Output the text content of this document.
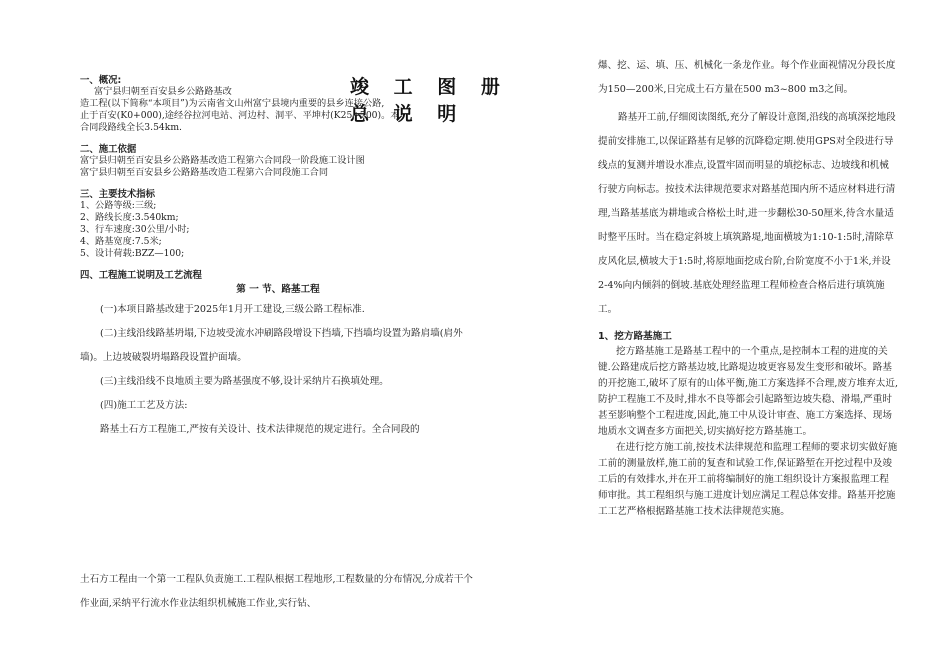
竣 工 图 册 总 说 明

一、概况:

富宁县归朝至百安县乡公路路基改

造工程(以下简称“本项目”)为云南省文山州富宁县境内重要的县乡连接公路,

止于百安(K0+000),途经谷拉河电站、河边村、洞平、平坤村(K25+700)。本

合同段路线全长3.54km.

二、施工依据

富宁县归朝至百安县乡公路路基改造工程第六合同段一阶段施工设计图

富宁县归朝至百安县乡公路路基改造工程第六合同段施工合同

三、主要技术指标

1、公路等级:三级;

2、路线长度:3.540km;

3、行车速度:30公里/小时;

4、路基宽度:7.5米;

5、设计荷载:BZZ—100;

四、工程施工说明及工艺流程

第 一 节、路基工程

(一)本项目路基改建于2025年1月开工建设,三级公路工程标准.

(二)主线沿线路基坍塌,下边坡受流水冲刷路段增设下挡墙,下挡墙均设置为路肩墙(肩外墙)。上边坡破裂坍塌路段设置护面墙。

(三)主线沿线不良地质主要为路基强度不够,设计采纳片石换填处理。

(四)施工工艺及方法:

路基土石方工程施工,严按有关设计、技术法律规范的规定进行。全合同段的

土石方工程由一个第一工程队负责施工.工程队根据工程地形,工程数量的分布情况,分成若干个作业面,采纳平行流水作业法组织机械施工作业,实行钻、

爆、挖、运、填、压、机械化一条龙作业。每个作业面视情况分段长度为150—200米,日完成土石方量在500 m3~800 m3之间。

路基开工前,仔细阅读图纸,充分了解设计意图,沿线的高填深挖地段提前安排施工,以保证路基有足够的沉降稳定期.使用GPS对全段进行导线点的复测并增设水准点,设置牢固而明显的填挖标志、边坡线和机械行驶方向标志。按技术法律规范要求对路基范围内所不适应材料进行清理,当路基基底为耕地或合格松土时,进一步翻松30-50厘米,待含水量适时整平压时。当在稳定斜坡上填筑路堤,地面横坡为1:10-1:5时,清除草皮风化层,横坡大于1:5时,将原地面挖成台阶,台阶宽度不小于1米,并设2-4%向内倾斜的倒坡.基底处理经监理工程师检查合格后进行填筑施工。

1、挖方路基施工

挖方路基施工是路基工程中的一个重点,是控制本工程的进度的关键.公路建成后挖方路基边坡,比路堤边坡更容易发生变形和破坏。路基的开挖施工,破坏了原有的山体平衡,施工方案选择不合理,废方堆弃太近,防护工程施工不及时,排水不良等都会引起路堑边坡失稳、滑塌,严重时甚至影响整个工程进度,因此,施工中从设计审查、施工方案选择、现场地质水文调查多方面把关,切实搞好挖方路基施工。

在进行挖方施工前,按技术法律规范和监理工程师的要求切实做好施工前的测量放样,施工前的复查和试验工作,保证路堑在开挖过程中及竣工后的有效排水,并在开工前将编制好的施工组织设计方案报监理工程师审批。其工程组织与施工进度计划应满足工程总体安排。路基开挖施工工艺严格根据路基施工技术法律规范实施。
